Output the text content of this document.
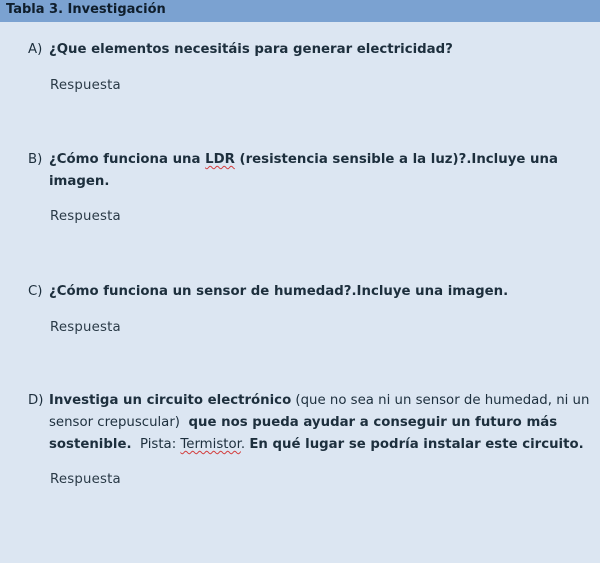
Tabla 3. Investigación
A) ¿Que elementos necesitáis para generar electricidad?
Respuesta
B) ¿Cómo funciona una LDR (resistencia sensible a la luz)?.Incluye una
imagen.
Respuesta
C) ¿Cómo funciona un sensor de humedad?.Incluye una imagen.
Respuesta
D) Investiga un circuito electrónico (que no sea ni un sensor de humedad, ni un
sensor crepuscular) que nos pueda ayudar a conseguir un futuro más
sostenible. Pista: Termistor. En qué lugar se podría instalar este circuito.
Respuesta
